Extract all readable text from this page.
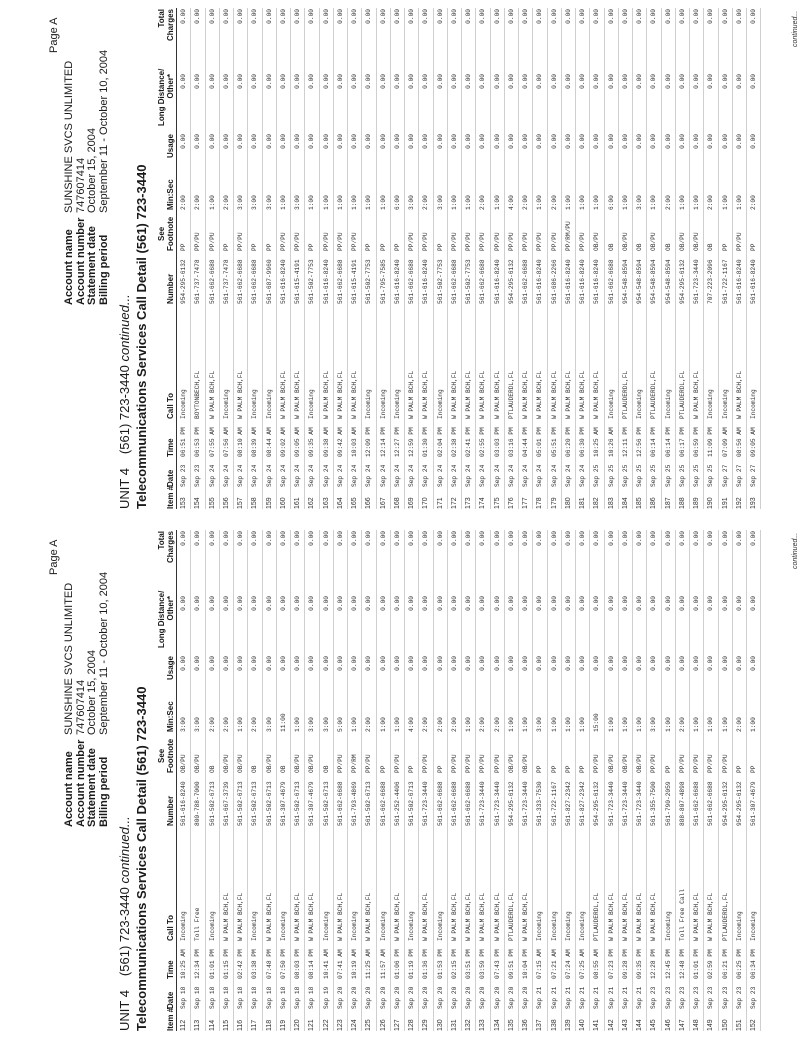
Page A
Account name
SUNSHINE SVCS UNLIMITED
Account number
747607414
Statement date
October 15, 2004
Billing period
September 11 - October 10, 2004
UNIT 4(561) 723-3440 continued... Telecommunications Services Call Detail (561) 723-3440 Item #
Date
Time
Call To
Number
See Footnote
Min:Sec
Usage
Long Distance/ Other*
Total Charges
112
Sep 18
10:25 AM
Incoming
561-616-8240
OB/PU
3:00
0.00
0.00
0.00
113
Sep 18
12:34 PM
Toll Free
800-788-7000
OB/PU
3:00
0.00
0.00
0.00
114
Sep 18
01:01 PM
Incoming
561-502-6713
OB
2:00
0.00
0.00
0.00
115
Sep 18
01:15 PM
W PALM BCH,FL
561-667-3739
OB/PU
2:00
0.00
0.00
0.00
116
Sep 18
02:42 PM
W PALM BCH,FL
561-502-6713
OB/PU
1:00
0.00
0.00
0.00
117
Sep 18
03:38 PM
Incoming
561-502-6713
OB
2:00
0.00
0.00
0.00
118
Sep 18
07:48 PM
W PALM BCH,FL
561-502-6713
OB/PU
3:00
0.00
0.00
0.00
119
Sep 18
07:50 PM
Incoming
561-307-4679
OB
11:00
0.00
0.00
0.00
120
Sep 18
08:03 PM
W PALM BCH,FL
561-502-6713
OB/PU
1:00
0.00
0.00
0.00
121
Sep 18
08:14 PM
W PALM BCH,FL
561-307-4679
OB/PU
3:00
0.00
0.00
0.00
122
Sep 19
10:41 AM
Incoming
561-502-6713
OB
3:00
0.00
0.00
0.00
123
Sep 20
07:41 AM
W PALM BCH,FL
561-662-6688
PP/PU
5:00
0.00
0.00
0.00
124
Sep 20
10:19 AM
Incoming
561-793-4869
PP/RM
1:00
0.00
0.00
0.00
125
Sep 20
11:25 AM
W PALM BCH,FL
561-502-6713
PP/PU
2:00
0.00
0.00
0.00
126
Sep 20
11:57 AM
Incoming
561-662-6688
PP
1:00
0.00
0.00
0.00
127
Sep 20
01:06 PM
W PALM BCH,FL
561-252-4406
PP/PU
1:00
0.00
0.00
0.00
128
Sep 20
01:19 PM
Incoming
561-502-6713
PP
4:00
0.00
0.00
0.00
129
Sep 20
01:36 PM
W PALM BCH,FL
561-723-3440
PP/PU
2:00
0.00
0.00
0.00
130
Sep 20
01:53 PM
Incoming
561-662-6688
PP
2:00
0.00
0.00
0.00
131
Sep 20
02:15 PM
W PALM BCH,FL
561-662-6688
PP/PU
2:00
0.00
0.00
0.00
132
Sep 20
03:51 PM
W PALM BCH,FL
561-662-6688
PP/PU
1:00
0.00
0.00
0.00
133
Sep 20
03:59 PM
W PALM BCH,FL
561-723-3440
PP/PU
2:00
0.00
0.00
0.00
134
Sep 20
07:43 PM
W PALM BCH,FL
561-723-3440
PP/PU
2:00
0.00
0.00
0.00
135
Sep 20
09:51 PM
PTLAUDERDL,FL
954-295-6132
OB/PU
1:00
0.00
0.00
0.00
136
Sep 20
10:04 PM
W PALM BCH,FL
561-723-3440
OB/PU
1:00
0.00
0.00
0.00
137
Sep 21
07:15 AM
Incoming
561-333-7530
PP
3:00
0.00
0.00
0.00
138
Sep 21
07:21 AM
Incoming
561-722-1167
PP
1:00
0.00
0.00
0.00
139
Sep 21
07:24 AM
Incoming
561-827-2342
PP
1:00
0.00
0.00
0.00
140
Sep 21
07:25 AM
Incoming
561-827-2342
PP
1:00
0.00
0.00
0.00
141
Sep 21
08:55 AM
PTLAUDERDL,FL
954-295-6132
PP/PU
15:00
0.00
0.00
0.00
142
Sep 21
07:23 PM
W PALM BCH,FL
561-723-3440
OB/PU
1:00
0.00
0.00
0.00
143
Sep 21
09:28 PM
W PALM BCH,FL
561-723-3440
OB/PU
1:00
0.00
0.00
0.00
144
Sep 21
09:35 PM
W PALM BCH,FL
561-723-3440
OB/PU
1:00
0.00
0.00
0.00
145
Sep 23
12:28 PM
W PALM BCH,FL
561-355-7500
PP/PU
3:00
0.00
0.00
0.00
146
Sep 23
12:45 PM
Incoming
561-790-2059
PP
1:00
0.00
0.00
0.00
147
Sep 23
12:48 PM
Toll Free Call
888-807-4898
PP/PU
2:00
0.00
0.00
0.00
148
Sep 23
01:01 PM
W PALM BCH,FL
561-662-6688
PP/PU
1:00
0.00
0.00
0.00
149
Sep 23
02:59 PM
W PALM BCH,FL
561-662-6688
PP/PU
1:00
0.00
0.00
0.00
150
Sep 23
06:21 PM
PTLAUDERDL,FL
954-295-6132
PP/PU
1:00
0.00
0.00
0.00
151
Sep 23
06:25 PM
Incoming
954-295-6132
PP
2:00
0.00
0.00
0.00
152
Sep 23
06:34 PM
Incoming
561-307-4679
PP
1:00
0.00
0.00
0.00	continued...
Page A
Account name
SUNSHINE SVCS UNLIMITED
Account number
747607414
Statement date
October 15, 2004
Billing period
September 11 - October 10, 2004
UNIT 4(561) 723-3440 continued... Telecommunications Services Call Detail (561) 723-3440 Item #
Date
Time
Call To
Number
See Footnote
Min:Sec
Usage
Long Distance/ Other*
Total Charges
153
Sep 23
06:51 PM
Incoming
954-295-6132
PP
2:00
0.00
0.00
0.00
154
Sep 23
06:53 PM
BOYTONBECH,FL
561-737-7478
PP/PU
2:00
0.00
0.00
0.00
155
Sep 24
07:55 AM
W PALM BCH,FL
561-662-6688
PP/PU
1:00
0.00
0.00
0.00
156
Sep 24
07:56 AM
Incoming
561-737-7478
PP
2:00
0.00
0.00
0.00
157
Sep 24
08:10 AM
W PALM BCH,FL
561-662-6688
PP/PU
3:00
0.00
0.00
0.00
158
Sep 24
08:39 AM
Incoming
561-662-6688
PP
3:00
0.00
0.00
0.00
159
Sep 24
08:44 AM
Incoming
561-687-9960
PP
3:00
0.00
0.00
0.00
160
Sep 24
09:02 AM
W PALM BCH,FL
561-616-8240
PP/PU
1:00
0.00
0.00
0.00
161
Sep 24
09:05 AM
W PALM BCH,FL
561-615-4191
PP/PU
3:00
0.00
0.00
0.00
162
Sep 24
09:35 AM
Incoming
561-502-7753
PP
1:00
0.00
0.00
0.00
163
Sep 24
09:38 AM
W PALM BCH,FL
561-616-8240
PP/PU
1:00
0.00
0.00
0.00
164
Sep 24
09:42 AM
W PALM BCH,FL
561-662-6688
PP/PU
1:00
0.00
0.00
0.00
165
Sep 24
10:03 AM
W PALM BCH,FL
561-615-4191
PP/PU
1:00
0.00
0.00
0.00
166
Sep 24
12:09 PM
Incoming
561-502-7753
PP
1:00
0.00
0.00
0.00
167
Sep 24
12:14 PM
Incoming
561-795-7585
PP
1:00
0.00
0.00
0.00
168
Sep 24
12:27 PM
Incoming
561-616-8240
PP
6:00
0.00
0.00
0.00
169
Sep 24
12:59 PM
W PALM BCH,FL
561-662-6688
PP/PU
3:00
0.00
0.00
0.00
170
Sep 24
01:30 PM
W PALM BCH,FL
561-616-8240
PP/PU
2:00
0.00
0.00
0.00
171
Sep 24
02:04 PM
Incoming
561-502-7753
PP
3:00
0.00
0.00
0.00
172
Sep 24
02:38 PM
W PALM BCH,FL
561-662-6688
PP/PU
1:00
0.00
0.00
0.00
173
Sep 24
02:41 PM
W PALM BCH,FL
561-502-7753
PP/PU
1:00
0.00
0.00
0.00
174
Sep 24
02:55 PM
W PALM BCH,FL
561-662-6688
PP/PU
2:00
0.00
0.00
0.00
175
Sep 24
03:03 PM
W PALM BCH,FL
561-616-8240
PP/PU
1:00
0.00
0.00
0.00
176
Sep 24
03:16 PM
PTLAUDERDL,FL
954-295-6132
PP/PU
4:00
0.00
0.00
0.00
177
Sep 24
04:44 PM
W PALM BCH,FL
561-662-6688
PP/PU
2:00
0.00
0.00
0.00
178
Sep 24
05:01 PM
W PALM BCH,FL
561-616-8240
PP/PU
1:00
0.00
0.00
0.00
179
Sep 24
05:51 PM
W PALM BCH,FL
561-686-2266
PP/PU
2:00
0.00
0.00
0.00
180
Sep 24
06:20 PM
W PALM BCH,FL
561-616-8240
PP/RM/PU
1:00
0.00
0.00
0.00
181
Sep 24
06:30 PM
W PALM BCH,FL
561-616-8240
PP/PU
1:00
0.00
0.00
0.00
182
Sep 25
10:25 AM
W PALM BCH,FL
561-616-8240
OB/PU
1:00
0.00
0.00
0.00
183
Sep 25
10:26 AM
Incoming
561-662-6688
OB
6:00
0.00
0.00
0.00
184
Sep 25
12:11 PM
PTLAUDERDL,FL
954-548-8594
OB/PU
1:00
0.00
0.00
0.00
185
Sep 25
12:56 PM
Incoming
954-548-8594
OB
3:00
0.00
0.00
0.00
186
Sep 25
06:14 PM
PTLAUDERDL,FL
954-548-8594
OB/PU
1:00
0.00
0.00
0.00
187
Sep 25
06:14 PM
Incoming
954-548-8594
OB
2:00
0.00
0.00
0.00
188
Sep 25
06:17 PM
PTLAUDERDL,FL
954-295-6132
OB/PU
1:00
0.00
0.00
0.00
189
Sep 25
06:59 PM
W PALM BCH,FL
561-723-3440
OB/PU
1:00
0.00
0.00
0.00
190
Sep 25
11:09 PM
Incoming
707-223-2096
OB
2:00
0.00
0.00
0.00
191
Sep 27
07:09 AM
Incoming
561-722-1167
PP
1:00
0.00
0.00
0.00
192
Sep 27
08:56 AM
W PALM BCH,FL
561-616-8240
PP/PU
1:00
0.00
0.00
0.00
193
Sep 27
09:05 AM
Incoming
561-616-8240
PP
2:00
0.00
0.00
0.00	continued...
